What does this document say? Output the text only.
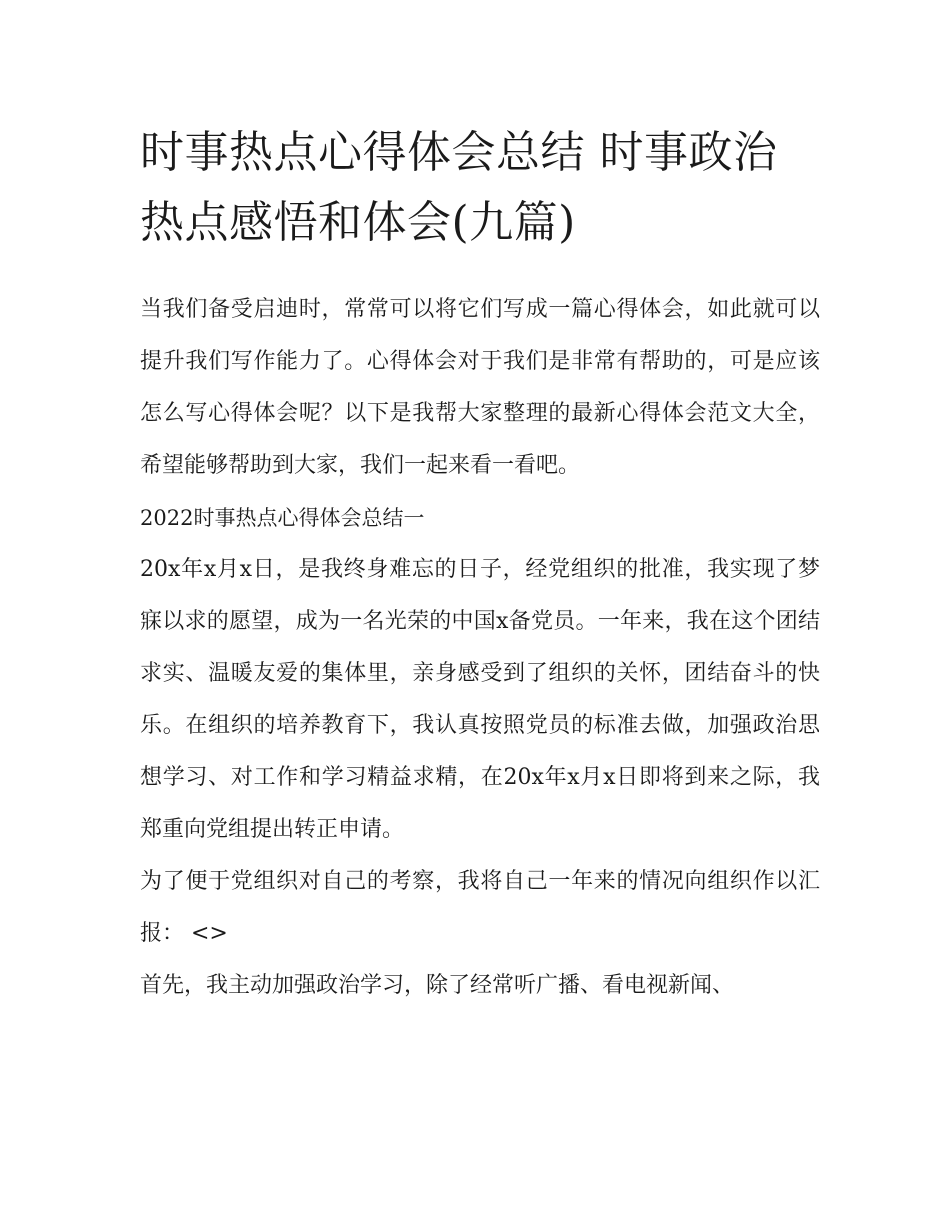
时事热点心得体会总结 时事政治热点感悟和体会(九篇)

当我们备受启迪时，常常可以将它们写成一篇心得体会，如此就可以提升我们写作能力了。心得体会对于我们是非常有帮助的，可是应该怎么写心得体会呢？以下是我帮大家整理的最新心得体会范文大全，希望能够帮助到大家，我们一起来看一看吧。

2022时事热点心得体会总结一

20x年x月x日，是我终身难忘的日子，经党组织的批准，我实现了梦寐以求的愿望，成为一名光荣的中国x备党员。一年来，我在这个团结求实、温暖友爱的集体里，亲身感受到了组织的关怀，团结奋斗的快乐。在组织的培养教育下，我认真按照党员的标准去做，加强政治思想学习、对工作和学习精益求精，在20x年x月x日即将到来之际，我郑重向党组提出转正申请。

为了便于党组织对自己的考察，我将自己一年来的情况向组织作以汇报： <>

首先，我主动加强政治学习，除了经常听广播、看电视新闻、
